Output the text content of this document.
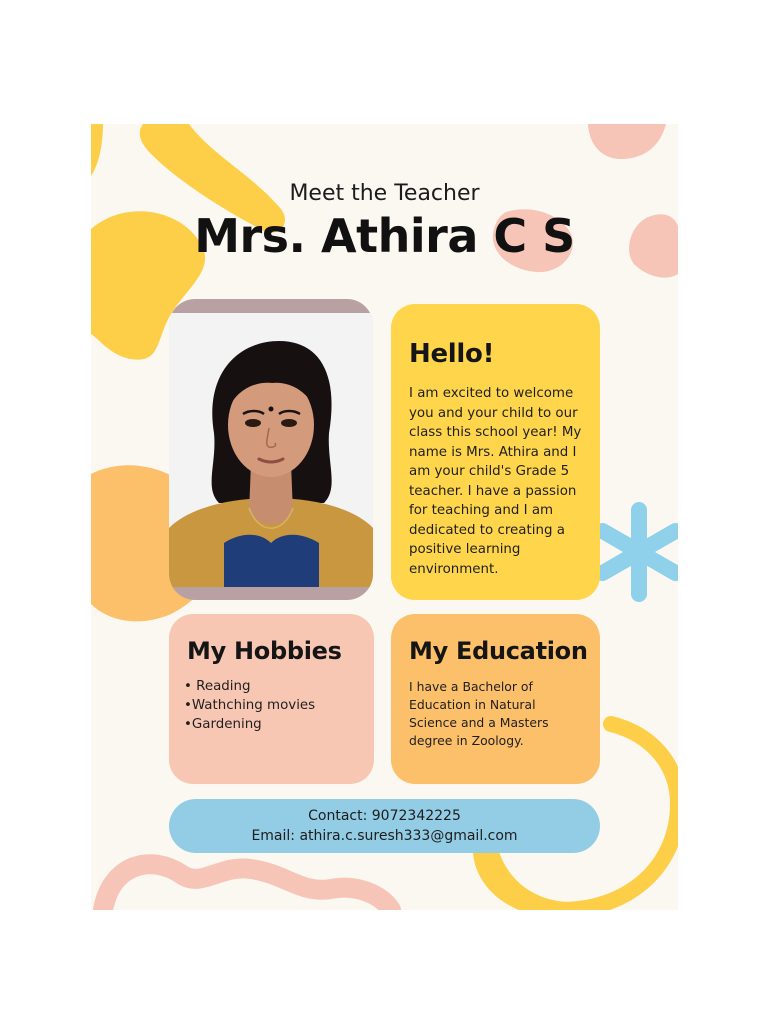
Meet the Teacher
Mrs. Athira C S
Hello!
I am excited to welcome you and your child to our class this school year! My name is Mrs. Athira and I am your child's Grade 5 teacher. I have a passion for teaching and I am dedicated to creating a positive learning environment.
My Hobbies
• Reading
•Wathching movies
•Gardening
My Education
I have a Bachelor of Education in Natural Science and a Masters degree in Zoology.
Contact: 9072342225
Email: athira.c.suresh333@gmail.com
